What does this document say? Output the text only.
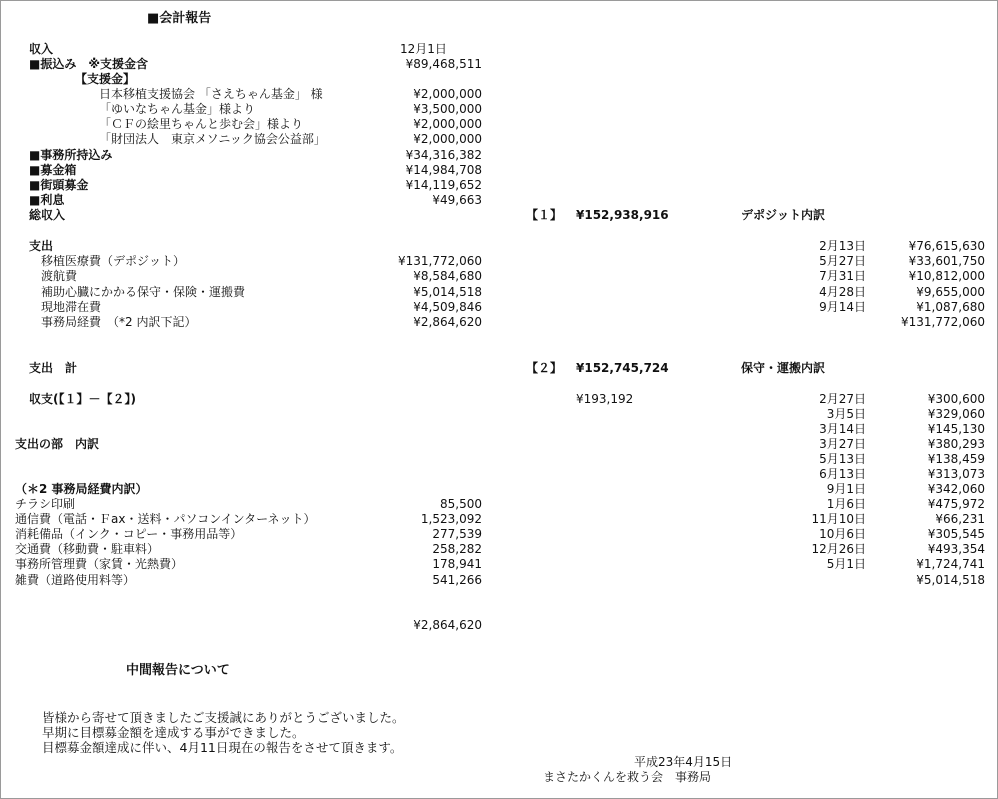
■会計報告
12月1日
収入
■振込み　※支援金含	¥89,468,511
【支援金】
日本移植支援協会 「さえちゃん基金」 様	¥2,000,000
「ゆいなちゃん基金」様より	¥3,500,000
「ＣＦの絵里ちゃんと歩む会」様より	¥2,000,000
「財団法人　東京メソニック協会公益部」	¥2,000,000
■事務所持込み	¥34,316,382
■募金箱	¥14,984,708
■街頭募金	¥14,119,652
■利息	¥49,663
総収入	【１】 ¥152,938,916
支出
移植医療費（デポジット）	¥131,772,060
渡航費	¥8,584,680
補助心臓にかかる保守・保険・運搬費	¥5,014,518
現地滞在費	¥4,509,846
事務局経費　（*2 内訳下記）	¥2,864,620
支出　計	【２】 ¥152,745,724
収支(【１】－【２】)	¥193,192
支出の部　内訳
（＊2 事務局経費内訳）
チラシ印刷	85,500
通信費（電話・Ｆax・送料・パソコンインターネット）	1,523,092
消耗備品（インク・コピー・事務用品等）	277,539
交通費（移動費・駐車料）	258,282
事務所管理費（家賃・光熱費）	178,941
雑費（道路使用料等）	541,266
¥2,864,620
デポジット内訳
2月13日	¥76,615,630
5月27日	¥33,601,750
7月31日	¥10,812,000
4月28日	¥9,655,000
9月14日	¥1,087,680
¥131,772,060
保守・運搬内訳
2月27日	¥300,600
3月5日	¥329,060
3月14日	¥145,130
3月27日	¥380,293
5月13日	¥138,459
6月13日	¥313,073
9月1日	¥342,060
1月6日	¥475,972
11月10日	¥66,231
10月6日	¥305,545
12月26日	¥493,354
5月1日	¥1,724,741
¥5,014,518
中間報告について
皆様から寄せて頂きましたご支援誠にありがとうございました。
早期に目標募金額を達成する事ができました。
目標募金額達成に伴い、4月11日現在の報告をさせて頂きます。
平成23年4月15日
まさたかくんを救う会　事務局
